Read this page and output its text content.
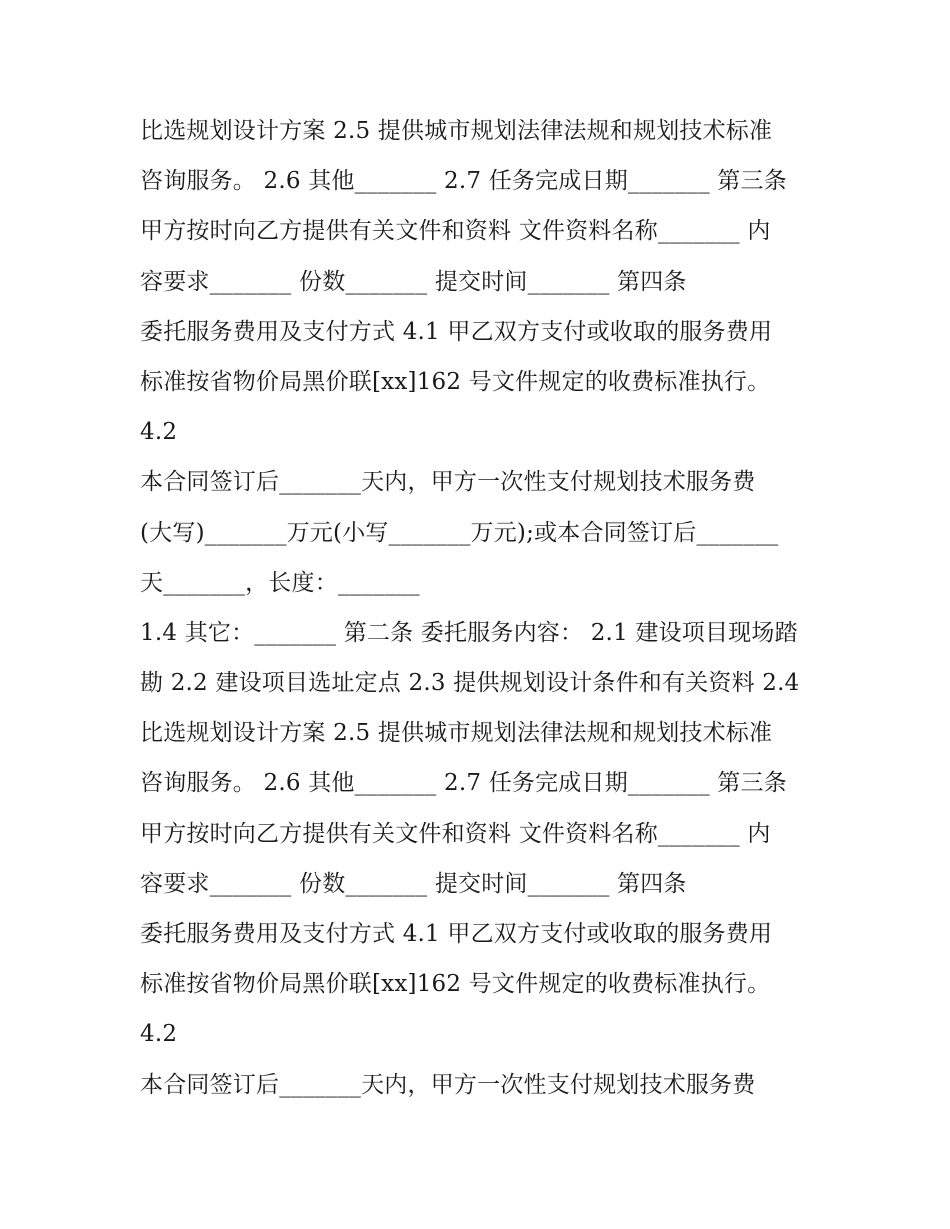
比选规划设计方案 2.5 提供城市规划法律法规和规划技术标准
咨询服务。 2.6 其他_______ 2.7 任务完成日期_______ 第三条
甲方按时向乙方提供有关文件和资料 文件资料名称_______ 内
容要求_______ 份数_______ 提交时间_______ 第四条
委托服务费用及支付方式 4.1 甲乙双方支付或收取的服务费用
标准按省物价局黑价联[xx]162 号文件规定的收费标准执行。
4.2
本合同签订后_______天内，甲方一次性支付规划技术服务费
(大写)_______万元(小写_______万元);或本合同签订后_______
天_______，长度：_______
1.4 其它：_______ 第二条 委托服务内容： 2.1 建设项目现场踏
勘 2.2 建设项目选址定点 2.3 提供规划设计条件和有关资料 2.4
比选规划设计方案 2.5 提供城市规划法律法规和规划技术标准
咨询服务。 2.6 其他_______ 2.7 任务完成日期_______ 第三条
甲方按时向乙方提供有关文件和资料 文件资料名称_______ 内
容要求_______ 份数_______ 提交时间_______ 第四条
委托服务费用及支付方式 4.1 甲乙双方支付或收取的服务费用
标准按省物价局黑价联[xx]162 号文件规定的收费标准执行。
4.2
本合同签订后_______天内，甲方一次性支付规划技术服务费
